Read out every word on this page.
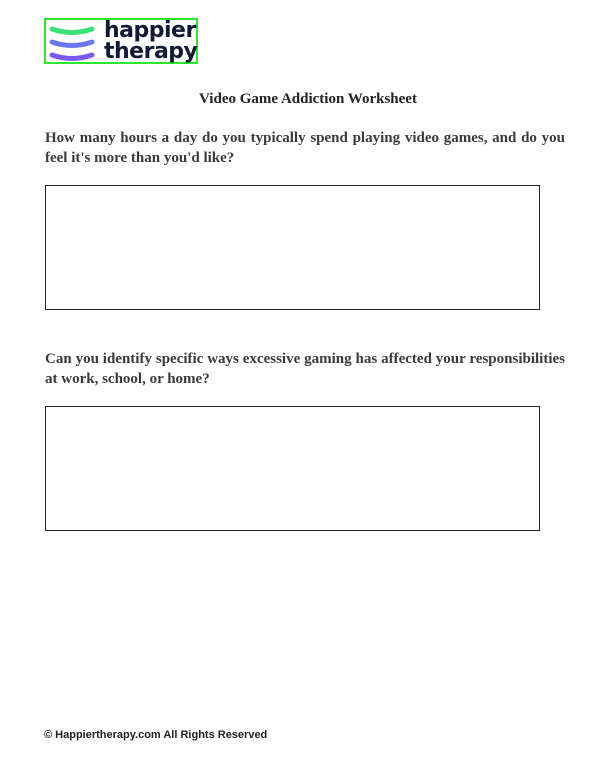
happier
therapy
Video Game Addiction Worksheet
How many hours a day do you typically spend playing video games, and do you feel it's more than you'd like?
Can you identify specific ways excessive gaming has affected your responsibilities at work, school, or home?
© Happiertherapy.com All Rights Reserved
